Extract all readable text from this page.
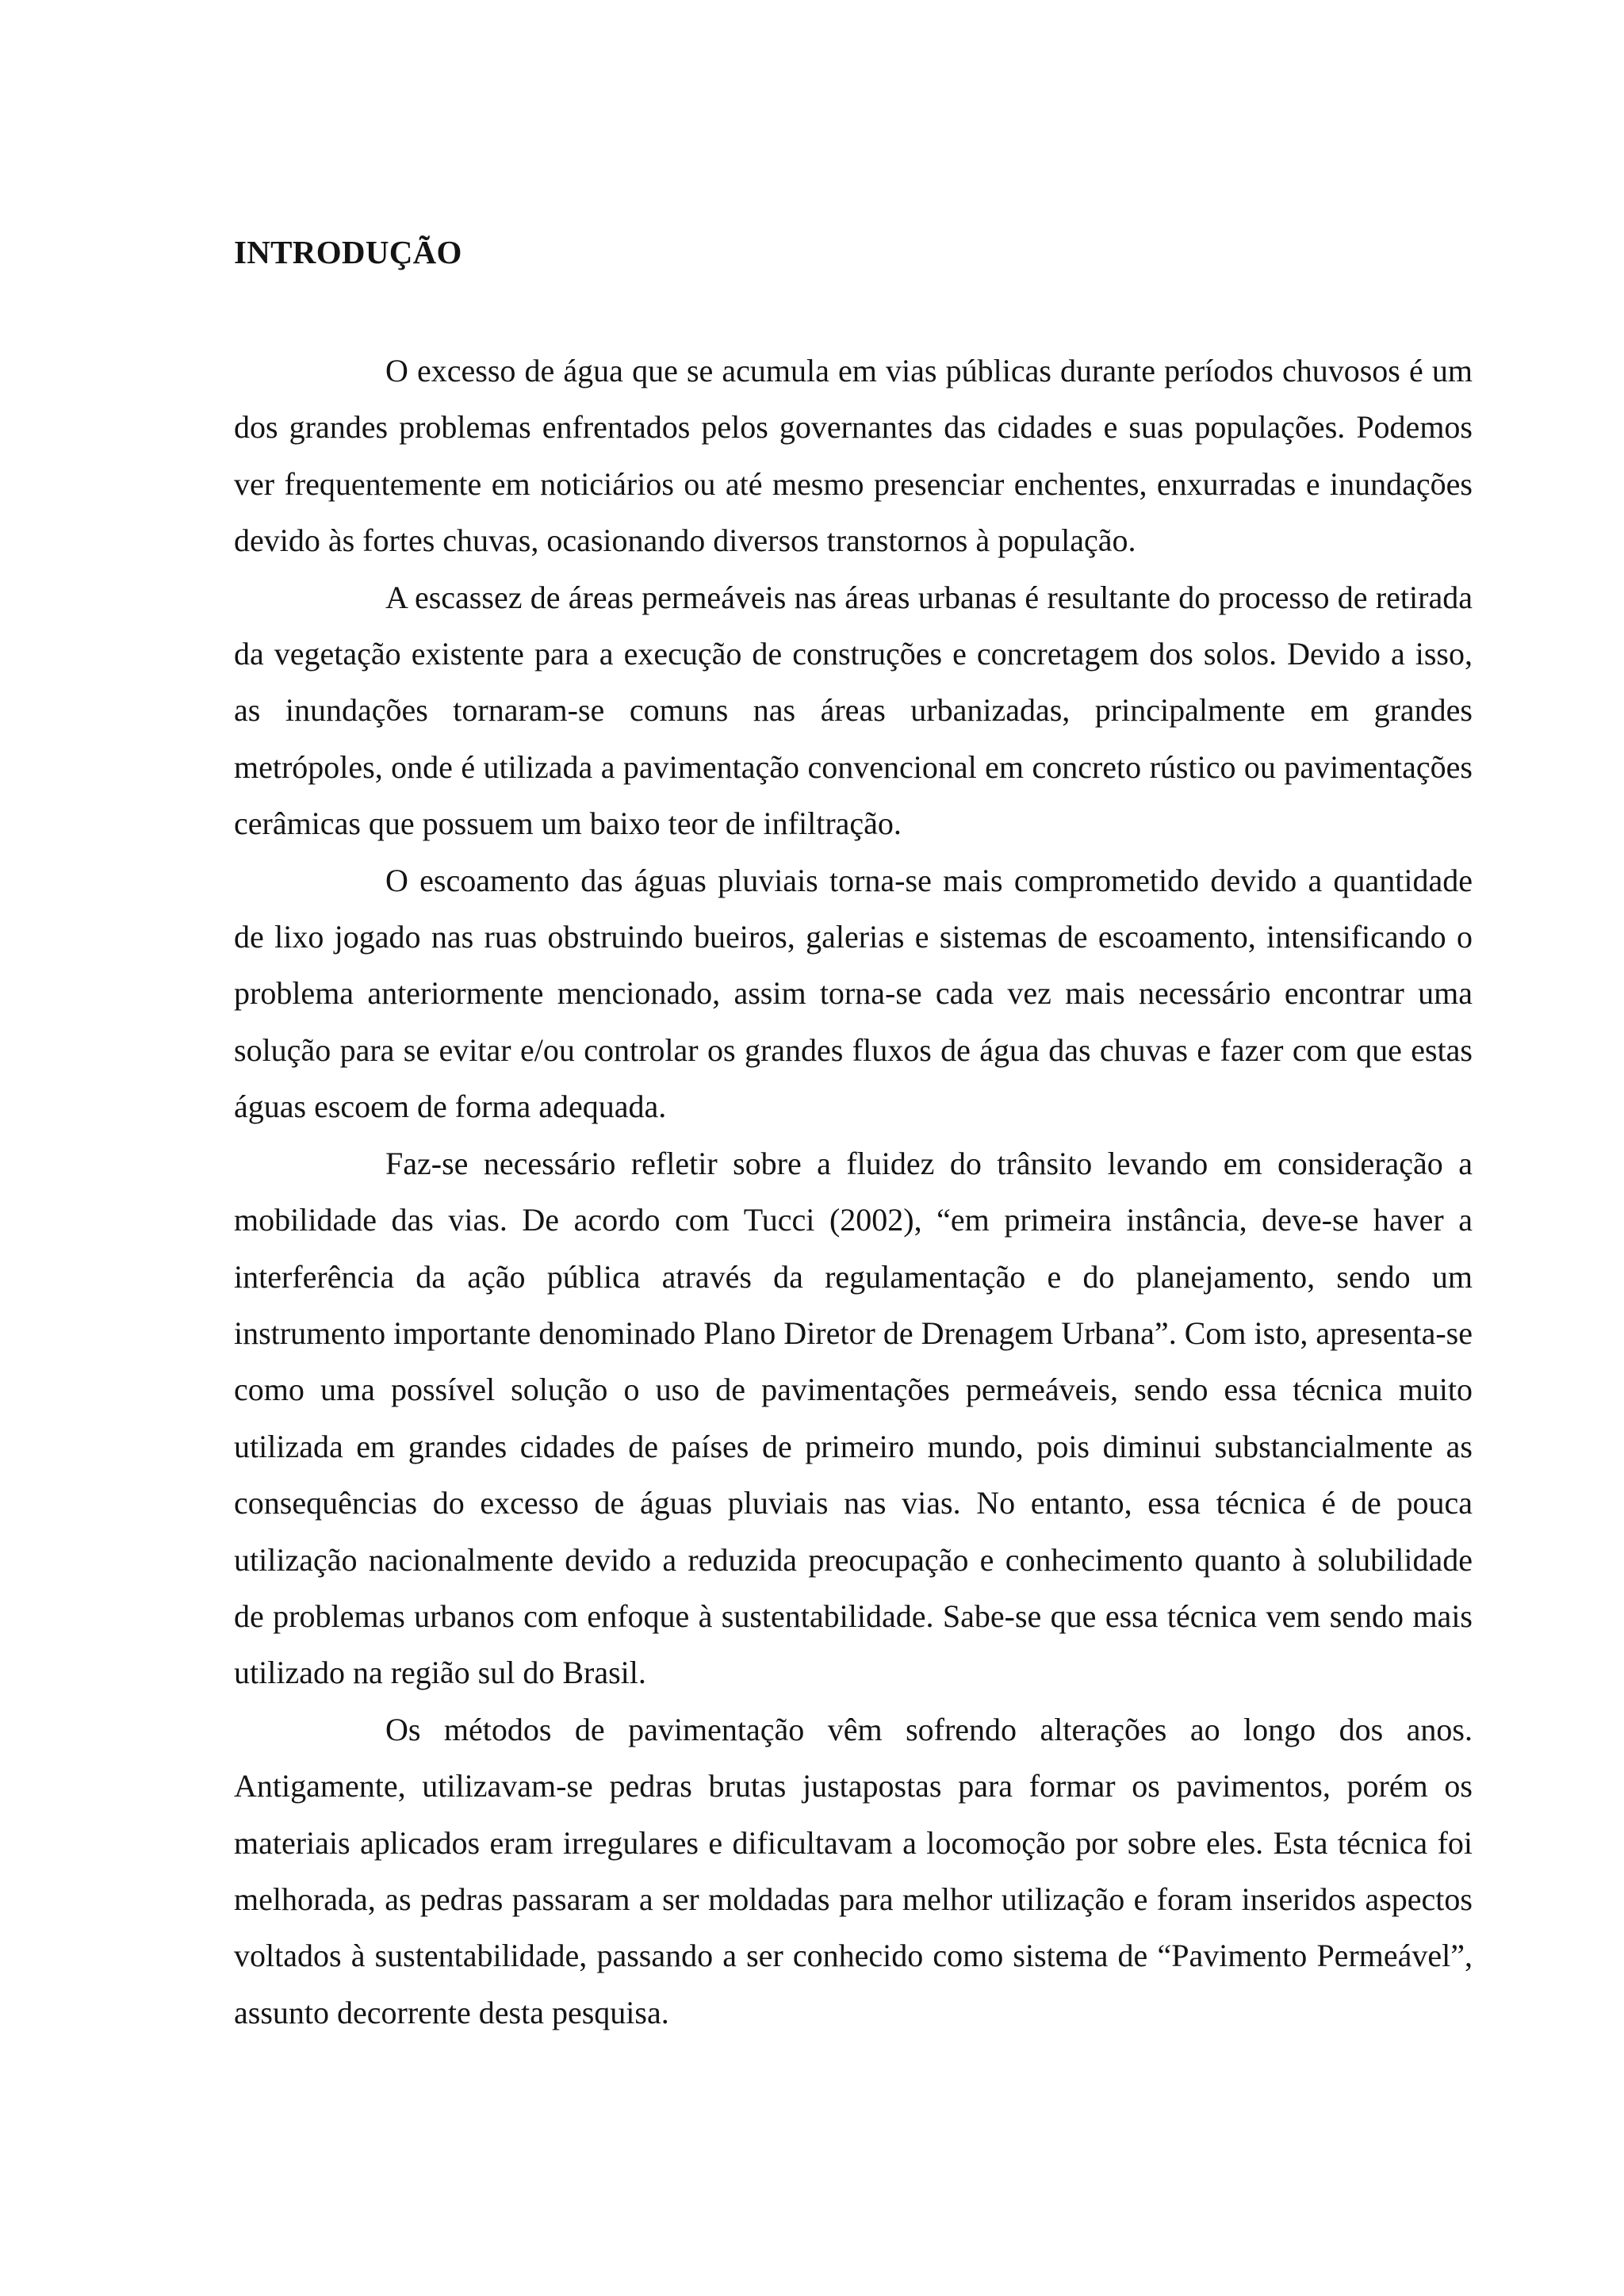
INTRODUÇÃO

O excesso de água que se acumula em vias públicas durante períodos chuvosos é um dos grandes problemas enfrentados pelos governantes das cidades e suas populações. Podemos ver frequentemente em noticiários ou até mesmo presenciar enchentes, enxurradas e inundações devido às fortes chuvas, ocasionando diversos transtornos à população.

A escassez de áreas permeáveis nas áreas urbanas é resultante do processo de retirada da vegetação existente para a execução de construções e concretagem dos solos. Devido a isso, as inundações tornaram-se comuns nas áreas urbanizadas, principalmente em grandes metrópoles, onde é utilizada a pavimentação convencional em concreto rústico ou pavimentações cerâmicas que possuem um baixo teor de infiltração.

O escoamento das águas pluviais torna-se mais comprometido devido a quantidade de lixo jogado nas ruas obstruindo bueiros, galerias e sistemas de escoamento, intensificando o problema anteriormente mencionado, assim torna-se cada vez mais necessário encontrar uma solução para se evitar e/ou controlar os grandes fluxos de água das chuvas e fazer com que estas águas escoem de forma adequada.

Faz-se necessário refletir sobre a fluidez do trânsito levando em consideração a mobilidade das vias. De acordo com Tucci (2002), “em primeira instância, deve-se haver a interferência da ação pública através da regulamentação e do planejamento, sendo um instrumento importante denominado Plano Diretor de Drenagem Urbana”. Com isto, apresenta-se como uma possível solução o uso de pavimentações permeáveis, sendo essa técnica muito utilizada em grandes cidades de países de primeiro mundo, pois diminui substancialmente as consequências do excesso de águas pluviais nas vias. No entanto, essa técnica é de pouca utilização nacionalmente devido a reduzida preocupação e conhecimento quanto à solubilidade de problemas urbanos com enfoque à sustentabilidade. Sabe-se que essa técnica vem sendo mais utilizado na região sul do Brasil.

Os métodos de pavimentação vêm sofrendo alterações ao longo dos anos. Antigamente, utilizavam-se pedras brutas justapostas para formar os pavimentos, porém os materiais aplicados eram irregulares e dificultavam a locomoção por sobre eles. Esta técnica foi melhorada, as pedras passaram a ser moldadas para melhor utilização e foram inseridos aspectos voltados à sustentabilidade, passando a ser conhecido como sistema de “Pavimento Permeável”, assunto decorrente desta pesquisa.
